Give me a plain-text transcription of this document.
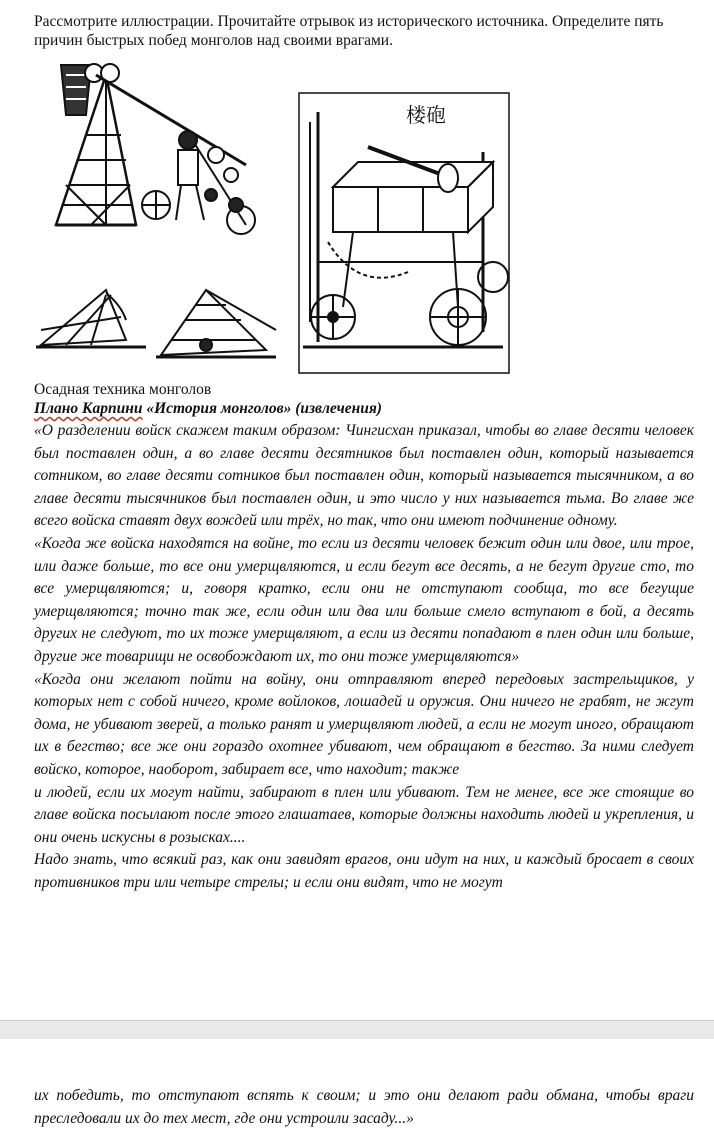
Рассмотрите иллюстрации. Прочитайте отрывок из исторического источника. Определите пять причин быстрых побед монголов над своими врагами.

楼砲

Осадная техника монголов

Плано Карпини «История монголов» (извлечения)

«О разделении войск скажем таким образом: Чингисхан приказал, чтобы во главе десяти человек был поставлен один, а во главе десяти десятников был поставлен один, который называется сотником, во главе десяти сотников был поставлен один, который называется тысячником, а во главе десяти тысячников был поставлен один, и это число у них называется тьма. Во главе же всего войска ставят двух вождей или трёх, но так, что они имеют подчинение одному.

«Когда же войска находятся на войне, то если из десяти человек бежит один или двое, или трое, или даже больше, то все они умерщвляются, и если бегут все десять, а не бегут другие сто, то все умерщвляются; и, говоря кратко, если они не отступают сообща, то все бегущие умерщвляются; точно так же, если один или два или больше смело вступают в бой, а десять других не следуют, то их тоже умерщвляют, а если из десяти попадают в плен один или больше, другие же товарищи не освобождают их, то они тоже умерщвляются»

«Когда они желают пойти на войну, они отправляют вперед передовых застрельщиков, у которых нет с собой ничего, кроме войлоков, лошадей и оружия. Они ничего не грабят, не жгут дома, не убивают зверей, а только ранят и умерщвляют людей, а если не могут иного, обращают их в бегство; все же они гораздо охотнее убивают, чем обращают в бегство. За ними следует войско, которое, наоборот, забирает все, что находит; также

и людей, если их могут найти, забирают в плен или убивают. Тем не менее, все же стоящие во главе войска посылают после этого глашатаев, которые должны находить людей и укрепления, и они очень искусны в розысках....

Надо знать, что всякий раз, как они завидят врагов, они идут на них, и каждый бросает в своих противников три или четыре стрелы; и если они видят, что не могут

их победить, то отступают вспять к своим; и это они делают ради обмана, чтобы враги преследовали их до тех мест, где они устроили засаду...»
